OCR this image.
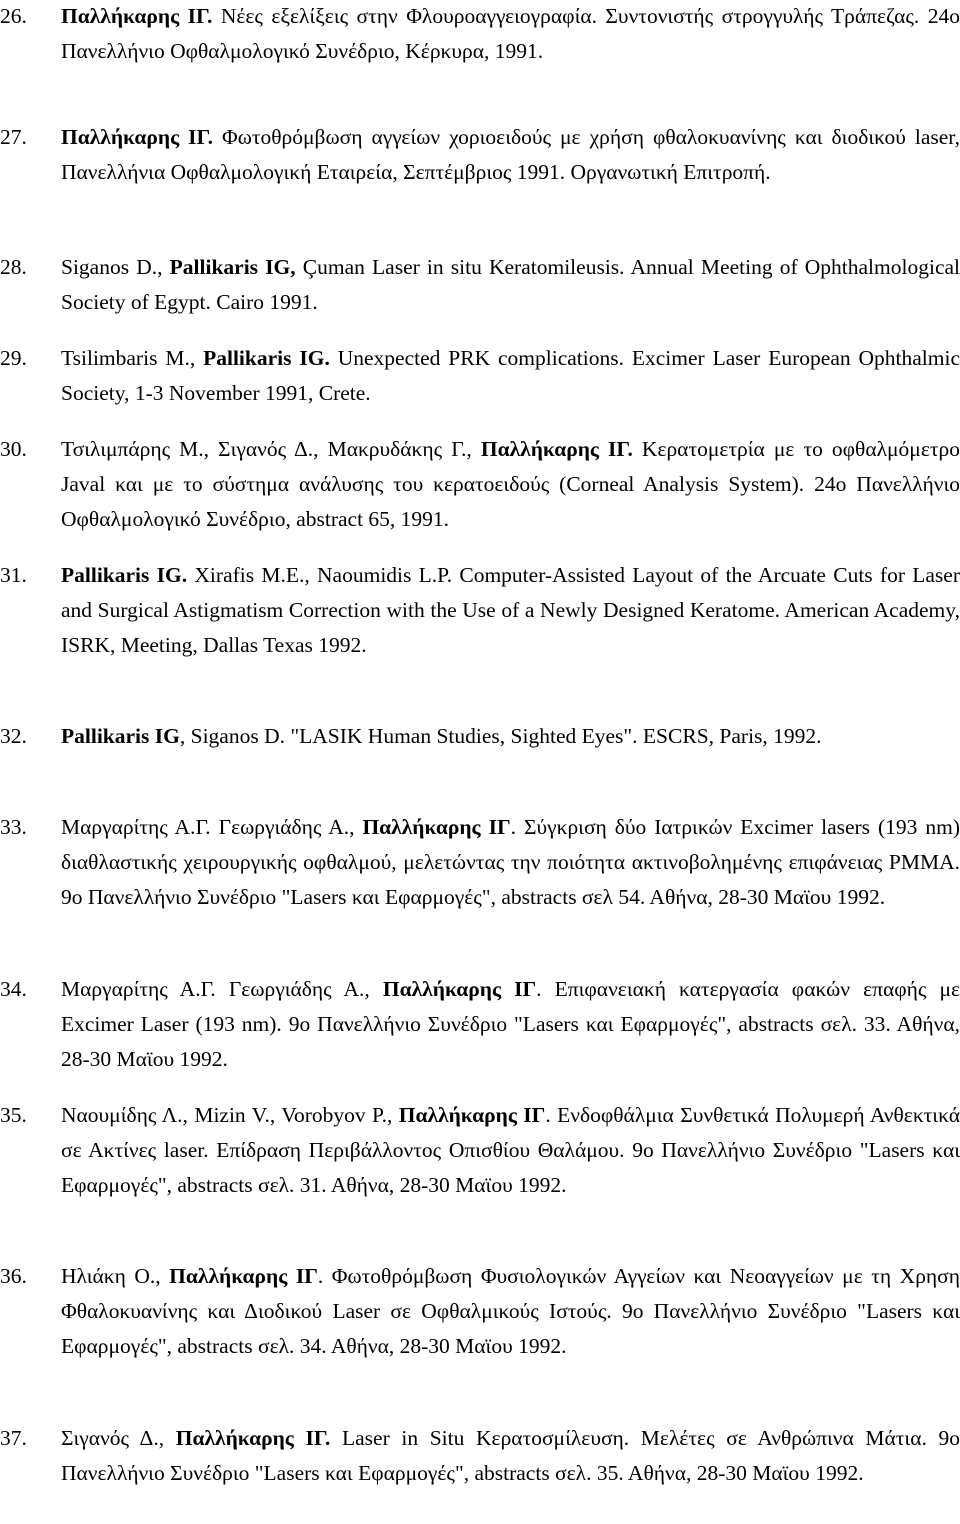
26.	Παλλήκαρης ΙΓ. Νέες εξελίξεις στην Φλουροαγγειογραφία. Συντονιστής στρογγυλής Τράπεζας. 24ο Πανελλήνιο Οφθαλμολογικό Συνέδριο, Κέρκυρα, 1991.
27.	Παλλήκαρης ΙΓ. Φωτοθρόμβωση αγγείων χοριοειδούς με χρήση φθαλοκυανίνης και διοδικού laser, Πανελλήνια Οφθαλμολογική Εταιρεία, Σεπτέμβριος 1991. Οργανωτική Επιτροπή.
28.	Siganos D., Pallikaris IG, Çuman Laser in situ Keratomileusis. Annual Meeting of Ophthalmological Society of Egypt. Cairo 1991.
29.	Tsilimbaris M., Pallikaris IG. Unexpected PRK complications. Excimer Laser European Ophthalmic Society, 1-3 November 1991, Crete.
30.	Τσιλιμπάρης Μ., Σιγανός Δ., Μακρυδάκης Γ., Παλλήκαρης ΙΓ. Κερατομετρία με το οφθαλμόμετρο Javal και με το σύστημα ανάλυσης του κερατοειδούς (Corneal Analysis System). 24ο Πανελλήνιο Οφθαλμολογικό Συνέδριο, abstract 65, 1991.
31.	Pallikaris IG. Xirafis M.E., Naoumidis L.P. Computer-Assisted Layout of the Arcuate Cuts for Laser and Surgical Astigmatism Correction with the Use of a Newly Designed Keratome. American Academy, ISRK, Meeting, Dallas Texas 1992.
32.	Pallikaris IG, Siganos D. "LASIK Human Studies, Sighted Eyes". ESCRS, Paris, 1992.
33.	Μαργαρίτης Α.Γ. Γεωργιάδης Α., Παλλήκαρης ΙΓ. Σύγκριση δύο Ιατρικών Excimer lasers (193 nm) διαθλαστικής χειρουργικής οφθαλμού, μελετώντας την ποιότητα ακτινοβολημένης επιφάνειας PMMA. 9o Πανελλήνιο Συνέδριο "Lasers και Εφαρμογές", abstracts σελ 54. Αθήνα, 28-30 Μαϊου 1992.
34.	Μαργαρίτης Α.Γ. Γεωργιάδης Α., Παλλήκαρης ΙΓ. Επιφανειακή κατεργασία φακών επαφής με Excimer Laser (193 nm). 9o Πανελλήνιο Συνέδριο "Lasers και Εφαρμογές", abstracts σελ. 33. Αθήνα, 28-30 Μαϊου 1992.
35.	Ναουμίδης Λ., Mizin V., Vorobyov P., Παλλήκαρης ΙΓ. Ενδοφθάλμια Συνθετικά Πολυμερή Ανθεκτικά σε Ακτίνες laser. Επίδραση Περιβάλλοντος Οπισθίου Θαλάμου. 9o Πανελλήνιο Συνέδριο "Lasers και Εφαρμογές", abstracts σελ. 31. Αθήνα, 28-30 Μαϊου 1992.
36.	Ηλιάκη Ο., Παλλήκαρης ΙΓ. Φωτοθρόμβωση Φυσιολογικών Αγγείων και Νεοαγγείων με τη Χρηση Φθαλοκυανίνης και Διοδικού Laser σε Οφθαλμικούς Ιστούς. 9o Πανελλήνιο Συνέδριο "Lasers και Εφαρμογές", abstracts σελ. 34. Αθήνα, 28-30 Μαϊου 1992.
37.	Σιγανός Δ., Παλλήκαρης ΙΓ. Laser in Situ Κερατοσμίλευση. Μελέτες σε Ανθρώπινα Μάτια. 9o Πανελλήνιο Συνέδριο "Lasers και Εφαρμογές", abstracts σελ. 35. Αθήνα, 28-30 Μαϊου 1992.
